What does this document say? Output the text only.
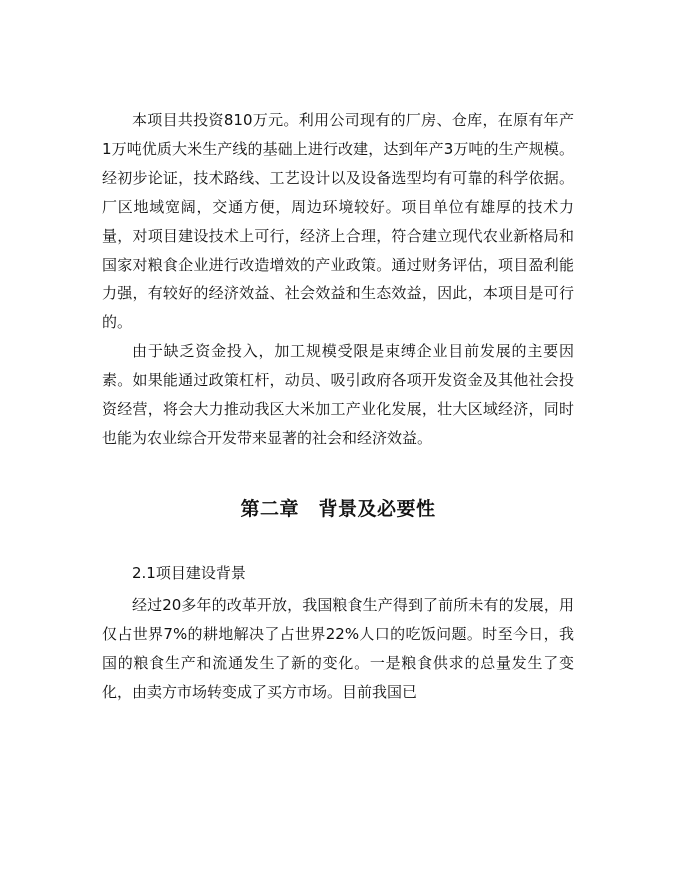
本项目共投资810万元。利用公司现有的厂房、仓库，在原有年产1万吨优质大米生产线的基础上进行改建，达到年产3万吨的生产规模。经初步论证，技术路线、工艺设计以及设备选型均有可靠的科学依据。厂区地域宽阔，交通方便，周边环境较好。项目单位有雄厚的技术力量，对项目建设技术上可行，经济上合理，符合建立现代农业新格局和国家对粮食企业进行改造增效的产业政策。通过财务评估，项目盈利能力强，有较好的经济效益、社会效益和生态效益，因此，本项目是可行的。

由于缺乏资金投入，加工规模受限是束缚企业目前发展的主要因素。如果能通过政策杠杆，动员、吸引政府各项开发资金及其他社会投资经营，将会大力推动我区大米加工产业化发展，壮大区域经济，同时也能为农业综合开发带来显著的社会和经济效益。

第二章　背景及必要性

2.1项目建设背景

经过20多年的改革开放，我国粮食生产得到了前所未有的发展，用仅占世界7%的耕地解决了占世界22%人口的吃饭问题。时至今日，我国的粮食生产和流通发生了新的变化。一是粮食供求的总量发生了变化，由卖方市场转变成了买方市场。目前我国已
